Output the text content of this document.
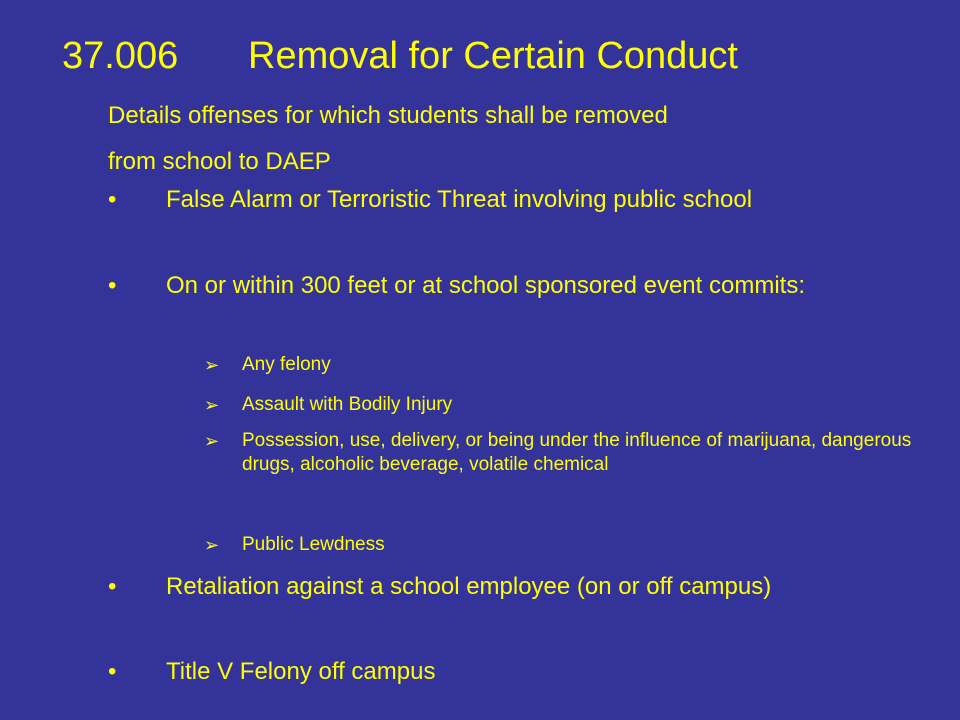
37.006 Removal for Certain Conduct
Details offenses for which students shall be removed
from school to DAEP
• False Alarm or Terroristic Threat involving public school
• On or within 300 feet or at school sponsored event commits:
➢ Any felony
➢ Assault with Bodily Injury
➢ Possession, use, delivery, or being under the influence of marijuana, dangerous drugs, alcoholic beverage, volatile chemical
➢ Public Lewdness
• Retaliation against a school employee (on or off campus)
• Title V Felony off campus
